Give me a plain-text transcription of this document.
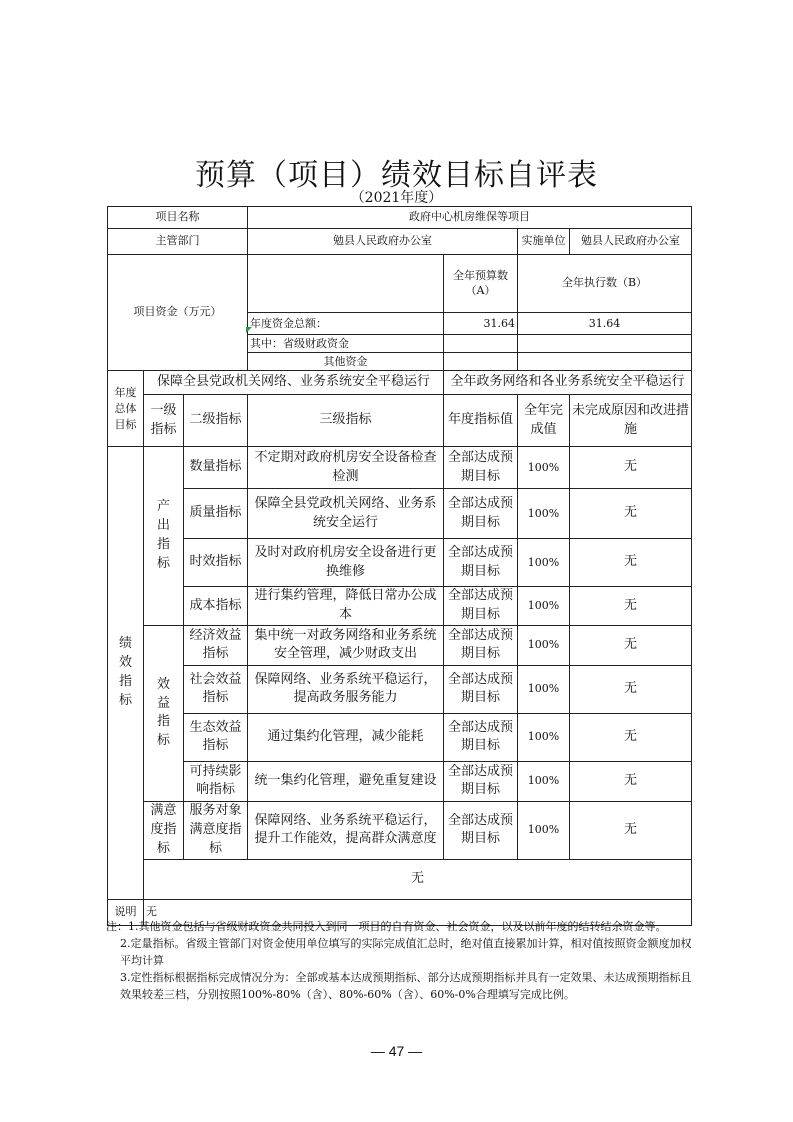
预算（项目）绩效目标自评表
（2021年度）
项目名称			政府中心机房维保等项目				
主管部门			勉县人民政府办公室		实施单位	勉县人民政府办公室	
项目资金（万元）				全年预算数（A）	全年执行数（B）	
			年度资金总额：	31.64	31.64	
			其中：省级财政资金				
			其他资金				
年度总体目标	保障全县党政机关网络、业务系统安全平稳运行			全年政务网络和各业务系统安全平稳运行			
	一级指标	二级指标	三级指标	年度指标值	全年完成值	未完成原因和改进措施	
绩效指标	产出指标	数量指标	不定期对政府机房安全设备检查检测	全部达成预期目标	100%	无	
		质量指标	保障全县党政机关网络、业务系统安全运行	全部达成预期目标	100%	无	
		时效指标	及时对政府机房安全设备进行更换维修	全部达成预期目标	100%	无	
		成本指标	进行集约管理，降低日常办公成本	全部达成预期目标	100%	无	
	效益指标	经济效益指标	集中统一对政务网络和业务系统安全管理，减少财政支出	全部达成预期目标	100%	无	
		社会效益指标	保障网络、业务系统平稳运行，提高政务服务能力	全部达成预期目标	100%	无	
		生态效益指标	通过集约化管理，减少能耗	全部达成预期目标	100%	无	
		可持续影响指标	统一集约化管理，避免重复建设	全部达成预期目标	100%	无	
	满意度指标	服务对象满意度指标	保障网络、业务系统平稳运行，提升工作能效，提高群众满意度	全部达成预期目标	100%	无	
	无						
说明	无						

注：1.其他资金包括与省级财政资金共同投入到同一项目的自有资金、社会资金，以及以前年度的结转结余资金等。

2.定量指标。省级主管部门对资金使用单位填写的实际完成值汇总时，绝对值直接累加计算，相对值按照资金额度加权平均计算

3.定性指标根据指标完成情况分为：全部或基本达成预期指标、部分达成预期指标并具有一定效果、未达成预期指标且效果较差三档，分别按照100%-80%（含）、80%-60%（含）、60%-0%合理填写完成比例。

— 47 —
